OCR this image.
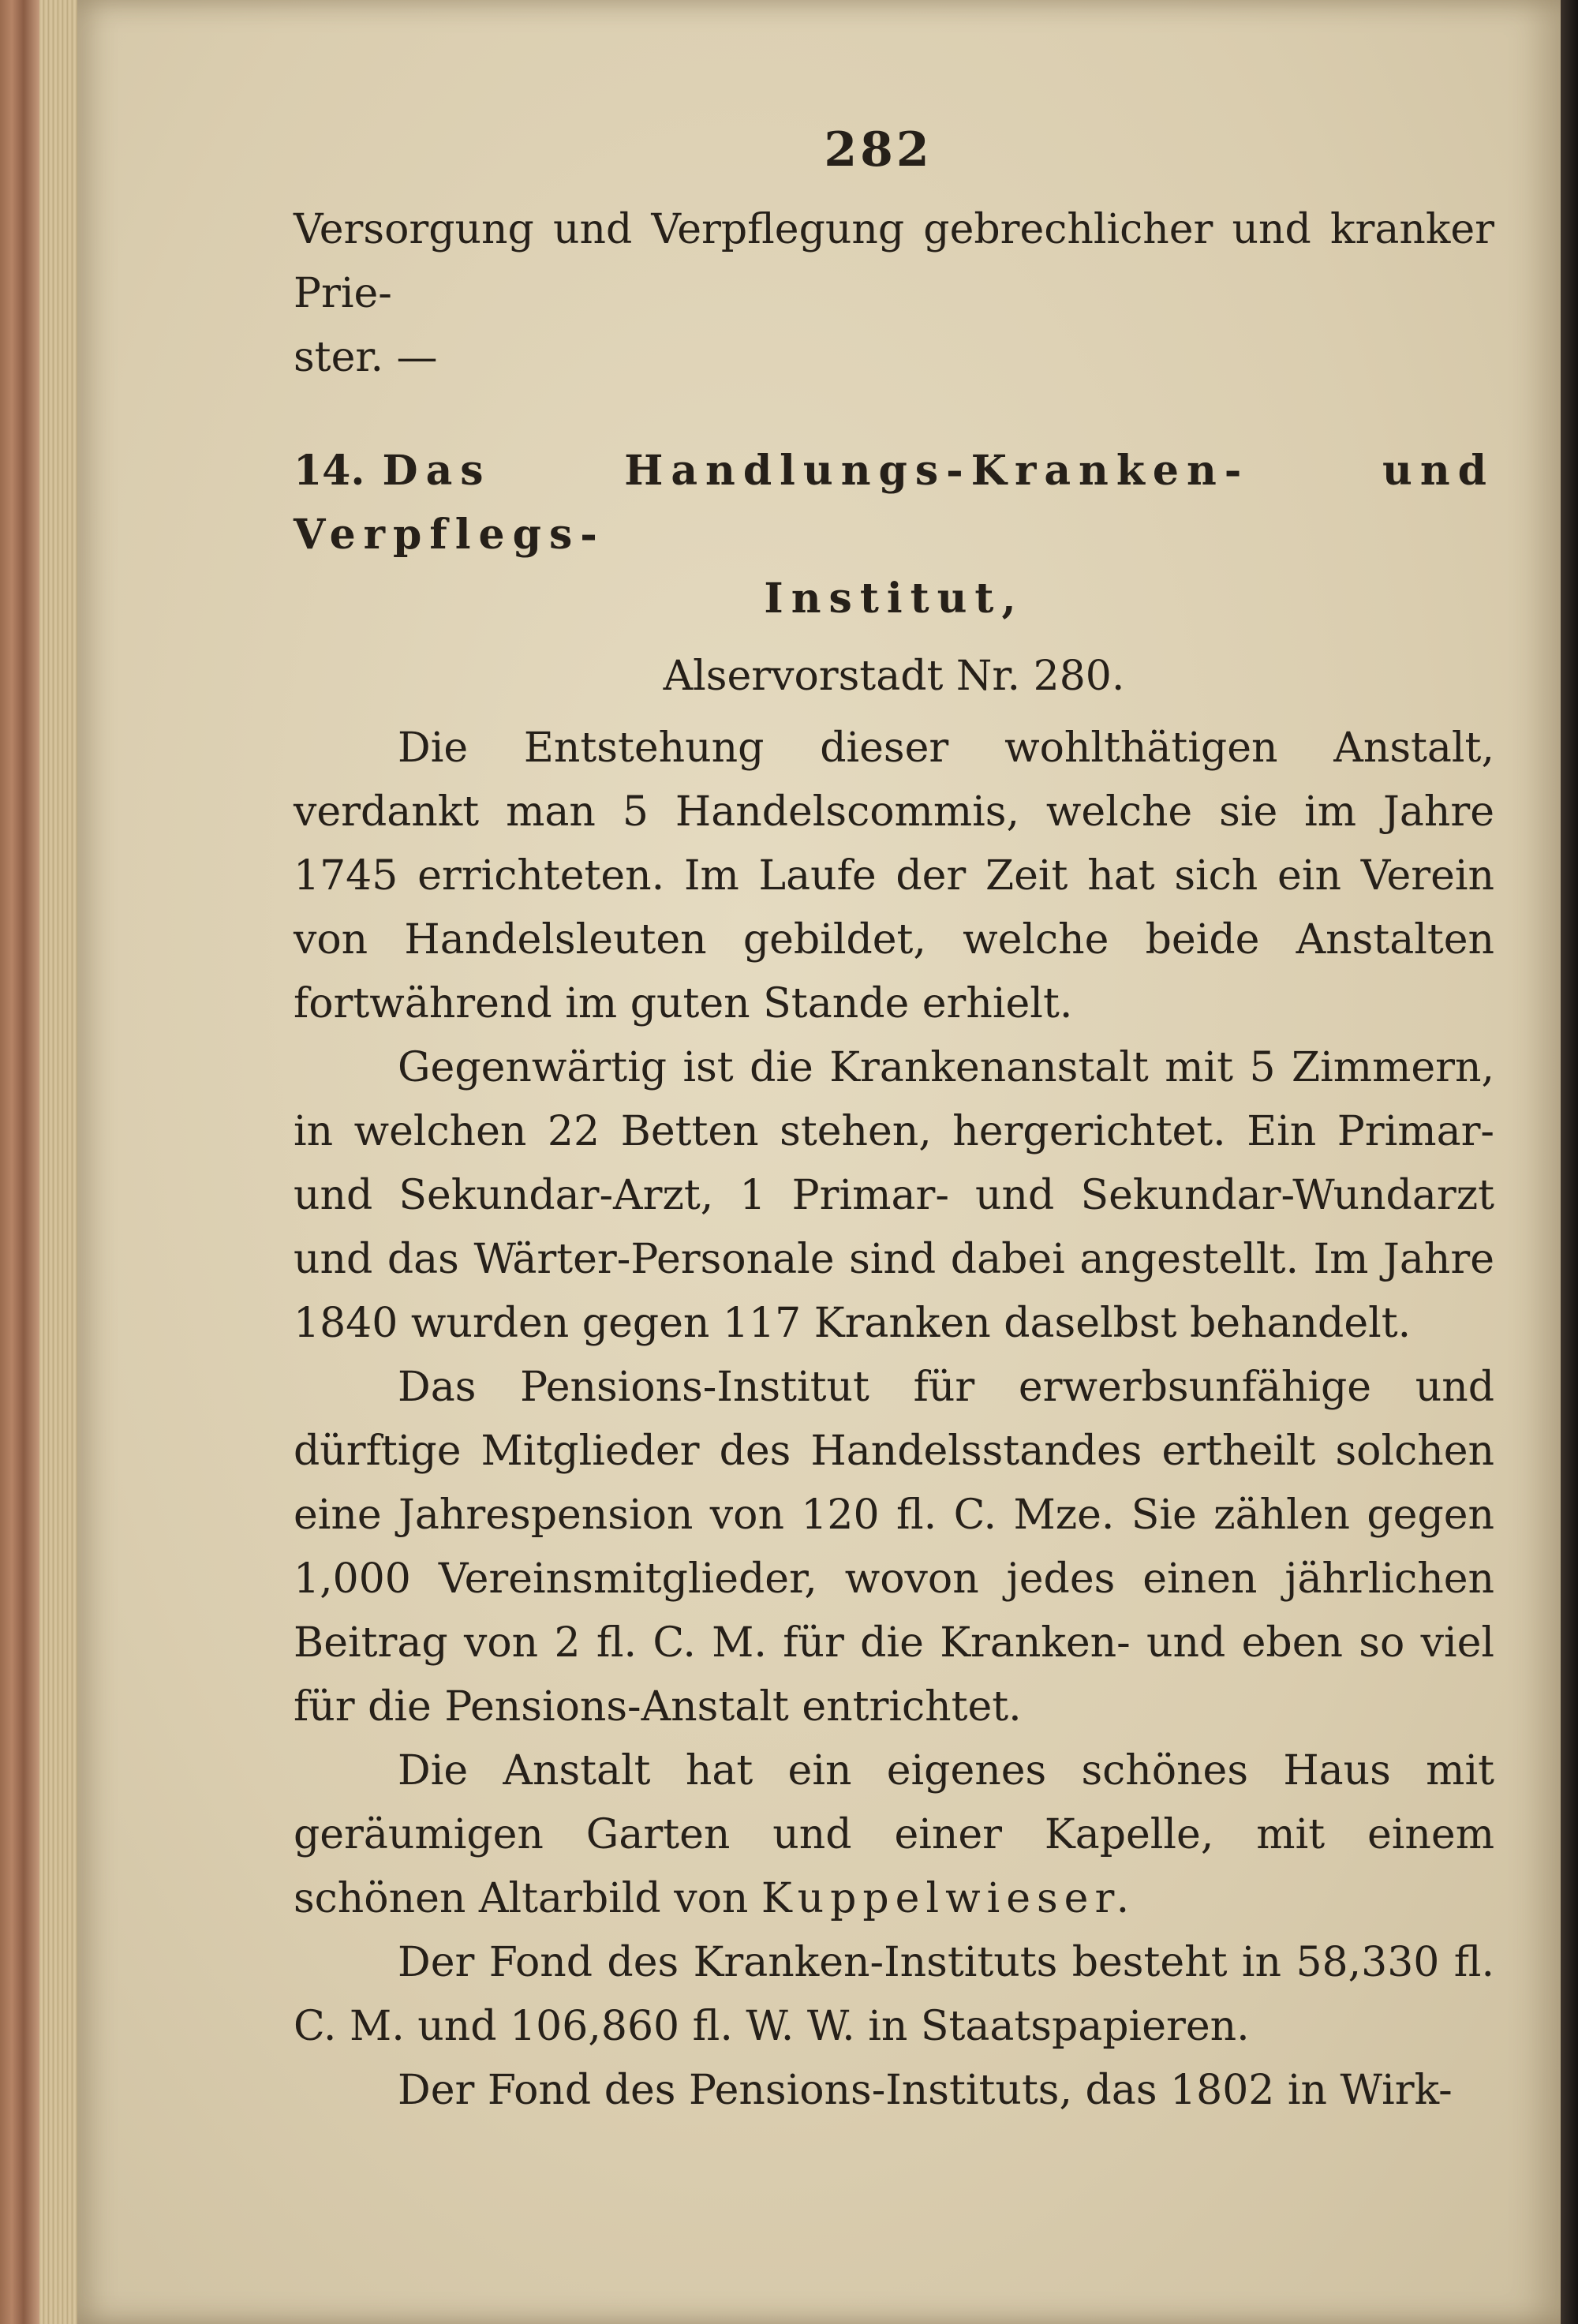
282

Versorgung und Verpflegung gebrechlicher und kranker Prie-

ster. —

14. Das Handlungs-Kranken- und Verpflegs-

Institut,

Alservorstadt Nr. 280.

Die Entstehung dieser wohlthätigen Anstalt, verdankt man 5 Handelscommis, welche sie im Jahre 1745 errichteten. Im Laufe der Zeit hat sich ein Verein von Handelsleuten gebildet, welche beide Anstalten fortwährend im guten Stande erhielt.

Gegenwärtig ist die Krankenanstalt mit 5 Zimmern, in welchen 22 Betten stehen, hergerichtet. Ein Primar- und Sekundar-Arzt, 1 Primar- und Sekundar-Wundarzt und das Wärter-Personale sind dabei angestellt. Im Jahre 1840 wurden gegen 117 Kranken daselbst behandelt.

Das Pensions-Institut für erwerbsunfähige und dürftige Mitglieder des Handelsstandes ertheilt solchen eine Jahrespension von 120 fl. C. Mze. Sie zählen gegen 1,000 Vereinsmitglieder, wovon jedes einen jährlichen Beitrag von 2 fl. C. M. für die Kranken- und eben so viel für die Pensions-Anstalt entrichtet.

Die Anstalt hat ein eigenes schönes Haus mit geräumigen Garten und einer Kapelle, mit einem schönen Altarbild von Kuppelwieser.

Der Fond des Kranken-Instituts besteht in 58,330 fl. C. M. und 106,860 fl. W. W. in Staatspapieren.

Der Fond des Pensions-Instituts, das 1802 in Wirk-
